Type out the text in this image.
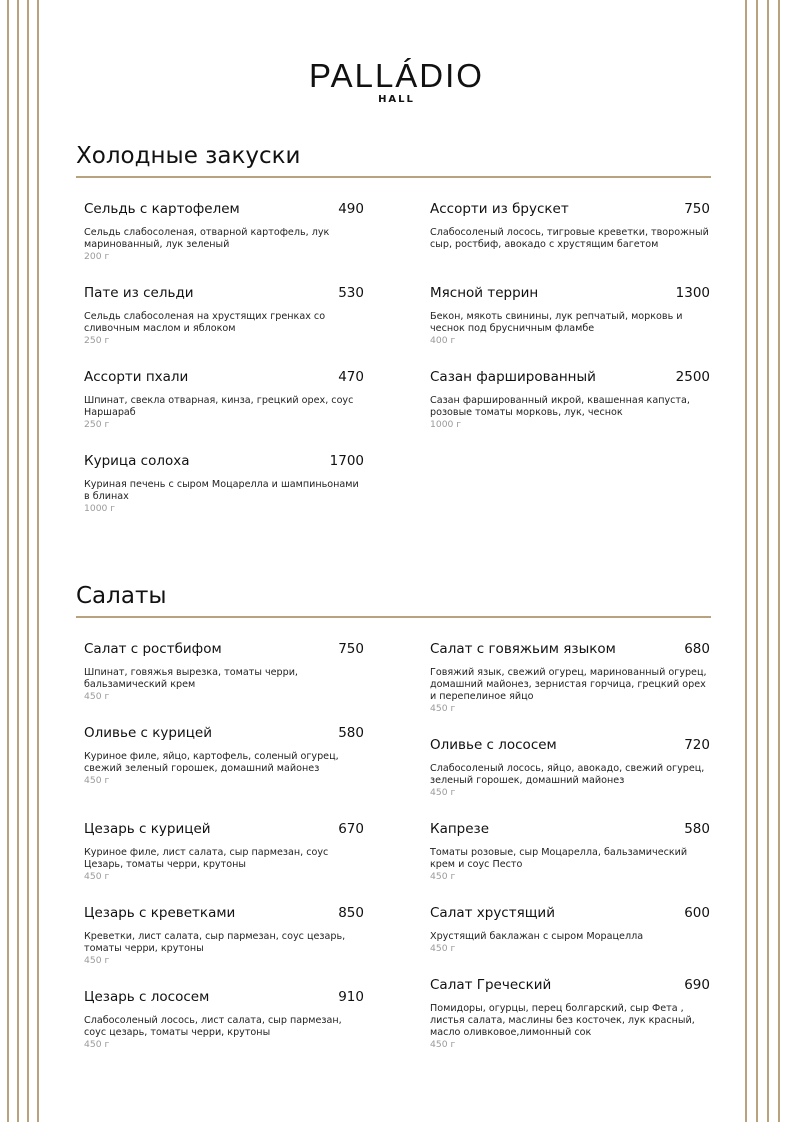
PALLÁDIO
HALL
Холодные закуски
Сельдь с картофелем	490
Сельдь слабосоленая, отварной картофель, лук маринованный, лук зеленый
200 г
Пате из сельди	530
Сельдь слабосоленая на хрустящих гренках со сливочным маслом и яблоком
250 г
Ассорти пхали	470
Шпинат, свекла отварная, кинза, грецкий орех, соус Наршараб
250 г
Курица солоха	1700
Куриная печень с сыром Моцарелла и шампиньонами в блинах
1000 г
Ассорти из брускет	750
Слабосоленый лосось, тигровые креветки, творожный сыр, ростбиф, авокадо с хрустящим багетом
Мясной террин	1300
Бекон, мякоть свинины, лук репчатый, морковь и чеснок под брусничным фламбе
400 г
Сазан фаршированный	2500
Сазан фаршированный икрой, квашенная капуста, розовые томаты морковь, лук, чеснок
1000 г
Салаты
Салат с ростбифом	750
Шпинат, говяжья вырезка, томаты черри, бальзамический крем
450 г
Оливье с курицей	580
Куриное филе, яйцо, картофель, соленый огурец, свежий зеленый горошек, домашний майонез
450 г
Цезарь с курицей	670
Куриное филе, лист салата, сыр пармезан, соус Цезарь, томаты черри, крутоны
450 г
Цезарь с креветками	850
Креветки, лист салата, сыр пармезан, соус цезарь, томаты черри, крутоны
450 г
Цезарь с лососем	910
Слабосоленый лосось, лист салата, сыр пармезан, соус цезарь, томаты черри, крутоны
450 г
Салат с говяжьим языком	680
Говяжий язык, свежий огурец, маринованный огурец, домашний майонез, зернистая горчица, грецкий орех и перепелиное яйцо
450 г
Оливье с лососем	720
Слабосоленый лосось, яйцо, авокадо, свежий огурец, зеленый горошек, домашний майонез
450 г
Капрезе	580
Томаты розовые, сыр Моцарелла, бальзамический крем и соус Песто
450 г
Салат хрустящий	600
Хрустящий баклажан с сыром Морацелла
450 г
Салат Греческий	690
Помидоры, огурцы, перец болгарский, сыр Фета , листья салата, маслины без косточек, лук красный, масло оливковое,лимонный сок
450 г
